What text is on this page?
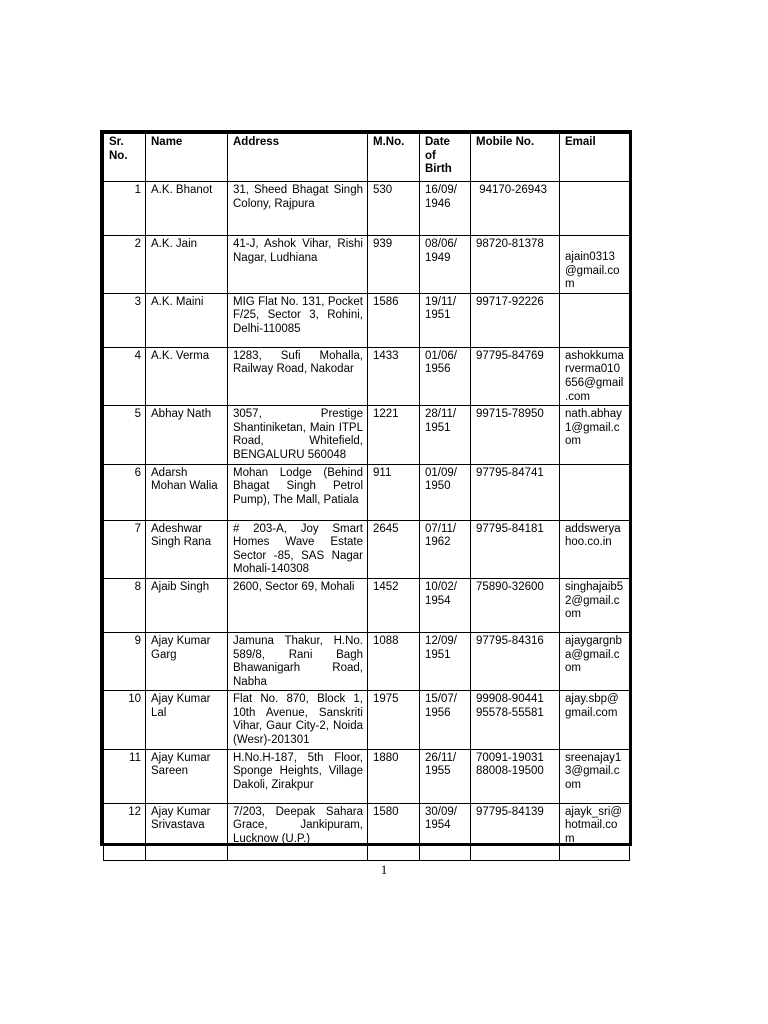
Sr. No.	Name	Address	M.No.	Date of Birth	Mobile No.	Email
1	A.K. Bhanot	31, Sheed Bhagat Singh Colony, Rajpura	530	16/09/ 1946	94170-26943	
2	A.K. Jain	41-J, Ashok Vihar, Rishi Nagar, Ludhiana	939	08/06/ 1949	98720-81378	ajain0313 @gmail.co m
3	A.K. Maini	MIG Flat No. 131, Pocket F/25, Sector 3, Rohini, Delhi-110085	1586	19/11/ 1951	99717-92226	
4	A.K. Verma	1283, Sufi Mohalla, Railway Road, Nakodar	1433	01/06/ 1956	97795-84769	ashokkuma rverma010 656@gmail .com
5	Abhay Nath	3057, Prestige Shantiniketan, Main ITPL Road, Whitefield, BENGALURU 560048	1221	28/11/ 1951	99715-78950	nath.abhay 1@gmail.c om
6	Adarsh Mohan Walia	Mohan Lodge (Behind Bhagat Singh Petrol Pump), The Mall, Patiala	911	01/09/ 1950	97795-84741	
7	Adeshwar Singh Rana	# 203-A, Joy Smart Homes Wave Estate Sector -85, SAS Nagar Mohali-140308	2645	07/11/ 1962	97795-84181	addswerya hoo.co.in
8	Ajaib Singh	2600, Sector 69, Mohali	1452	10/02/ 1954	75890-32600	singhajaib5 2@gmail.c om
9	Ajay Kumar Garg	Jamuna Thakur, H.No. 589/8, Rani Bagh Bhawanigarh Road, Nabha	1088	12/09/ 1951	97795-84316	ajaygargnb a@gmail.c om
10	Ajay Kumar Lal	Flat No. 870, Block 1, 10th Avenue, Sanskriti Vihar, Gaur City-2, Noida (Wesr)-201301	1975	15/07/ 1956	99908-90441 95578-55581	ajay.sbp@ gmail.com
11	Ajay Kumar Sareen	H.No.H-187, 5th Floor, Sponge Heights, Village Dakoli, Zirakpur	1880	26/11/ 1955	70091-19031 88008-19500	sreenajay1 3@gmail.c om
12	Ajay Kumar Srivastava	7/203, Deepak Sahara Grace, Jankipuram, Lucknow (U.P.)	1580	30/09/ 1954	97795-84139	ajayk_sri@ hotmail.co m
1
